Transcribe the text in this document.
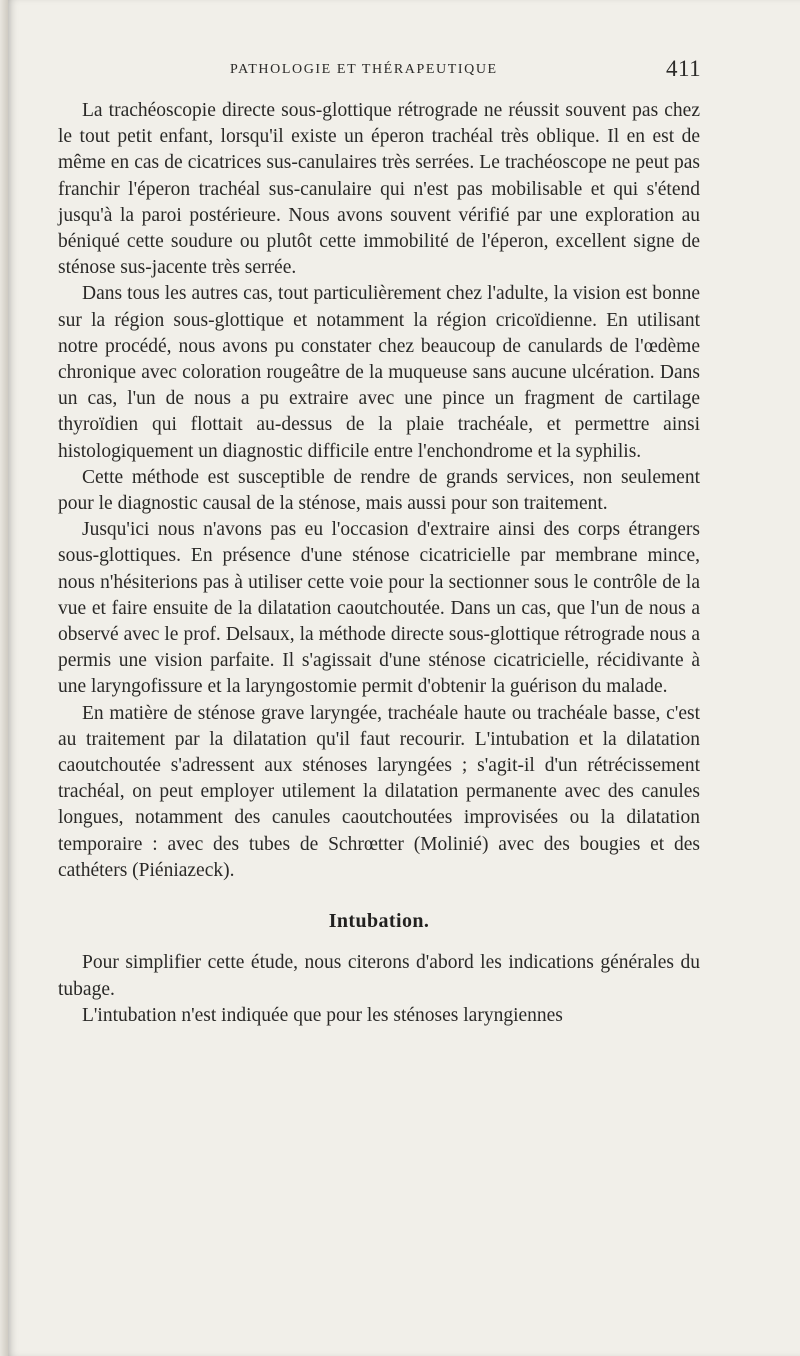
PATHOLOGIE ET THÉRAPEUTIQUE	411

La trachéoscopie directe sous-glottique rétrograde ne réussit souvent pas chez le tout petit enfant, lorsqu'il existe un éperon trachéal très oblique. Il en est de même en cas de cicatrices sus-canulaires très serrées. Le trachéoscope ne peut pas franchir l'éperon trachéal sus-canulaire qui n'est pas mobilisable et qui s'étend jusqu'à la paroi postérieure. Nous avons souvent vérifié par une exploration au béniqué cette soudure ou plutôt cette immobilité de l'éperon, excellent signe de sténose sus-jacente très serrée.

Dans tous les autres cas, tout particulièrement chez l'adulte, la vision est bonne sur la région sous-glottique et notamment la région cricoïdienne. En utilisant notre procédé, nous avons pu constater chez beaucoup de canulards de l'œdème chronique avec coloration rougeâtre de la muqueuse sans aucune ulcération. Dans un cas, l'un de nous a pu extraire avec une pince un fragment de cartilage thyroïdien qui flottait au-dessus de la plaie trachéale, et permettre ainsi histologiquement un diagnostic difficile entre l'enchondrome et la syphilis.

Cette méthode est susceptible de rendre de grands services, non seulement pour le diagnostic causal de la sténose, mais aussi pour son traitement.

Jusqu'ici nous n'avons pas eu l'occasion d'extraire ainsi des corps étrangers sous-glottiques. En présence d'une sténose cicatricielle par membrane mince, nous n'hésiterions pas à utiliser cette voie pour la sectionner sous le contrôle de la vue et faire ensuite de la dilatation caoutchoutée. Dans un cas, que l'un de nous a observé avec le prof. Delsaux, la méthode directe sous-glottique rétrograde nous a permis une vision parfaite. Il s'agissait d'une sténose cicatricielle, récidivante à une laryngofissure et la laryngostomie permit d'obtenir la guérison du malade.

En matière de sténose grave laryngée, trachéale haute ou trachéale basse, c'est au traitement par la dilatation qu'il faut recourir. L'intubation et la dilatation caoutchoutée s'adressent aux sténoses laryngées ; s'agit-il d'un rétrécissement trachéal, on peut employer utilement la dilatation permanente avec des canules longues, notamment des canules caoutchoutées improvisées ou la dilatation temporaire : avec des tubes de Schrœtter (Molinié) avec des bougies et des cathéters (Piéniazeck).

Intubation.

Pour simplifier cette étude, nous citerons d'abord les indications générales du tubage.

L'intubation n'est indiquée que pour les sténoses laryngiennes
